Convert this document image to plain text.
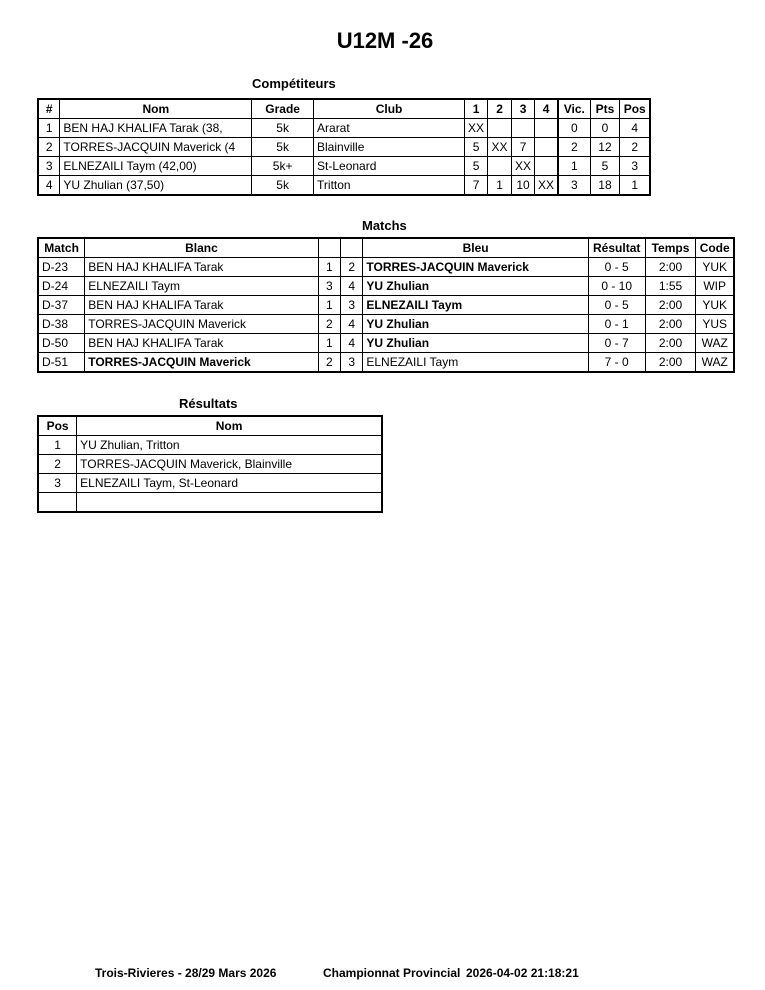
U12M -26
Compétiteurs
#	Nom	Grade	Club	1	2	3	4	Vic.	Pts	Pos
1	BEN HAJ KHALIFA Tarak (38,	5k	Ararat	XX				0	0	4
2	TORRES-JACQUIN Maverick (4	5k	Blainville	5	XX	7		2	12	2
3	ELNEZAILI Taym (42,00)	5k+	St-Leonard	5		XX		1	5	3
4	YU Zhulian (37,50)	5k	Tritton	7	1	10	XX	3	18	1
Matchs
Match	Blanc			Bleu	Résultat	Temps	Code
D-23	BEN HAJ KHALIFA Tarak	1	2	TORRES-JACQUIN Maverick	0 - 5	2:00	YUK
D-24	ELNEZAILI Taym	3	4	YU Zhulian	0 - 10	1:55	WIP
D-37	BEN HAJ KHALIFA Tarak	1	3	ELNEZAILI Taym	0 - 5	2:00	YUK
D-38	TORRES-JACQUIN Maverick	2	4	YU Zhulian	0 - 1	2:00	YUS
D-50	BEN HAJ KHALIFA Tarak	1	4	YU Zhulian	0 - 7	2:00	WAZ
D-51	TORRES-JACQUIN Maverick	2	3	ELNEZAILI Taym	7 - 0	2:00	WAZ
Résultats
Pos	Nom
1	YU Zhulian, Tritton
2	TORRES-JACQUIN Maverick, Blainville
3	ELNEZAILI Taym, St-Leonard

Trois-Rivieres - 28/29 Mars 2026	Championnat Provincial 2026-04-02 21:18:21
